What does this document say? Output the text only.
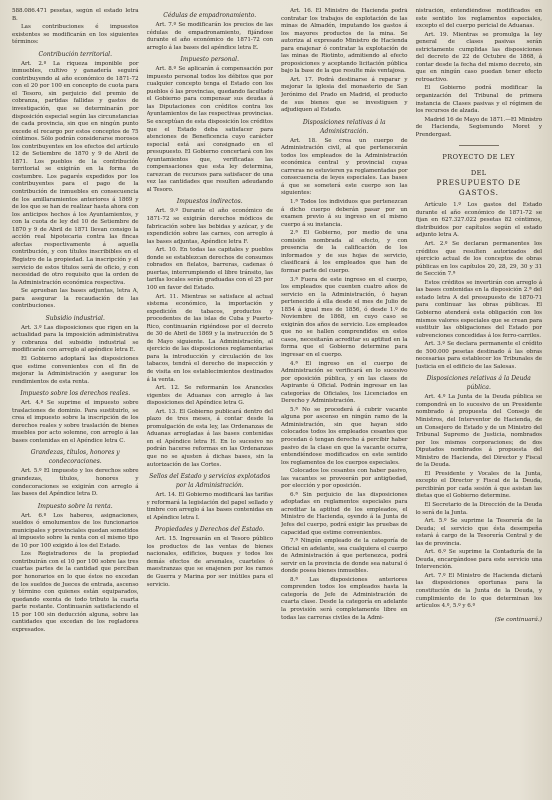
588.086.471 pesetas, según el estado letra B.

Las contribuciones é impuestos existentes se modificarán en los siguientes términos:

Contribución territorial.

Art. 2.º La riqueza imponible por inmuebles, cultivo y ganadería seguirá contribuyendo al año económico de 1871-72 con el 20 por 100 en concepto de cuota para el Tesoro, sin perjuicio del premio de cobranza, partidas fallidas y gastos de investigación, que se determinarán por disposición especial según las circunstancias de cada provincia, sin que en ningún punto excede el recargo por estos conceptos de 75 céntimos. Sólo podrán considerarse morosos los contribuyentes en los efectos del artículo 12 de Setiembre de 1870 y 9 de Abril de 1871. Los pueblos de la contribución territorial se exigirán en la forma de costumbre. Los pagarés expedidos por los contribuyentes para el pago de la contribución de inmuebles en consecuencia de los amillaramientos anteriores á 1869 y de los que se han de realizar hasta ahora con los anticipos hechos á los Ayuntamientos, y con la cuota de ley del 10 de Setiembre de 1870 y 9 de Abril de 1871 llevan consigo la acción real hipotecaria contra las fincas afectas respectivamente á aquella contribución, y con títulos inscribibles en el Registro de la propiedad. La inscripción y el servicio de estos títulos será de oficio, y con necesidad de otro requisito que la orden de la Administración económica respectiva.

Se aprueban las bases adjuntas, letra A, para asegurar la recaudación de las contribuciones.

Subsidio industrial.

Art. 3.º Las disposiciones que rigen en la actualidad para la imposición administrativa y cobranza del subsidio industrial se modificarán con arreglo al apéndice letra E.

El Gobierno adoptará las disposiciones que estime convenientes con el fin de mejorar la Administración y asegurar los rendimientos de esta renta.

Impuesto sobre los derechos reales.

Art. 4.º Se suprime el impuesto sobre traslaciones de dominio. Para sustituirlo, se crea el impuesto sobre la inscripción de los derechos reales y sobre traslación de bienes muebles por acto solemne, con arreglo á las bases contenidas en el Apéndice letra C.

Grandezas, títulos, honores y condecoraciones.

Art. 5.º El impuesto y los derechos sobre grandezas, títulos, honores y condecoraciones se exigirán con arreglo á las bases del Apéndice letra D.

Impuesto sobre la renta.

Art. 6.º Los haberes, asignaciones, sueldos ó emolumentos de los funcionarios municipales y provinciales quedan sometidos al impuesto sobre la renta con el mismo tipo de 10 por 100 exigido á los del Estado.

Los Registradores de la propiedad contribuirán con el 10 por 100 sobre las tres cuartas partes de la cantidad que perciban por honorarios en lo que éstos no excedan de los sueldos de Jueces de entrada, ascenso y término con quienes están equiparados, quedando exenta de todo tributo la cuarta parte restante. Continuarán satisfaciendo el 15 por 100 sin deducción alguna, sobre las cantidades que excedan de los regladores expresados.

Cédulas de empadronamiento.

Art. 7.º Se modificarán los precios de las cédulas de empadronamiento, fijándose durante el año económico de 1871-72 con arreglo á las bases del apéndice letra E.

Impuesto personal.

Art. 8.º Se aplicarán á compensación por impuesto personal todos los débitos que por cualquier concepto tenga el Estado con los pueblos ó las provincias, quedando facultado el Gobierno para compensar sus deudas á las Diputaciones con créditos contra los Ayuntamientos de las respectivas provincias. Se exceptúan de esta disposición los créditos que el Estado deba satisfacer para atenciones de Beneficencia cuyo carácter especial está así consignado en el presupuesto. El Gobierno concertará con los Ayuntamientos que, verificadas las compensaciones que esta ley determina, carezcan de recursos para satisfacer de una vez las cantidades que resulten adeudando al Tesoro.

Impuestos indirectos.

Art. 9.º Durante el año económico de 1871-72 se exigirán derechos módicos de fabricación sobre las bebidas y azúcar, y de expendición sobre las carnes, con arreglo á las bases adjuntas, Apéndice letra F.

Art. 10. En todas las capitales y pueblos donde se establezcan derechos de consumos cobrados en fielatos, barreras, cadenas ó puertas, interrumpiendo el libre tránsito, las tarifas locales serán graduadas con el 25 por 100 en favor del Estado.

Art. 11. Mientras se satisface al actual sistema económico, la importación y expedición de tabacos, productos y procedentes de las islas de Cuba y Puerto-Rico, continuarán rigiéndose por el decreto de 30 de Abril de 1869 y la instrucción de 5 de Mayo siguiente. La Administración, al ejercicio de las disposiciones reglamentarias para la introducción y circulación de los tabacos, tendrá el derecho de inspección y de visita en los establecimientos destinados á la venta.

Art. 12. Se reformarán los Aranceles vigentes de Aduanas con arreglo á las disposiciones del Apéndice letra G.

Art. 13. El Gobierno publicará dentro del plazo de tres meses, á contar desde la promulgación de esta ley, las Ordenanzas de Aduanas arregladas á las bases contenidas en el Apéndice letra H. En lo sucesivo no podrán hacerse reformas en las Ordenanzas que no se ajusten á dichas bases, sin la autorización de las Cortes.

Sellos del Estado y servicios explotados por la Administración.

Art. 14. El Gobierno modificará las tarifas y reformará la legislación del papel sellado y timbre con arreglo á las bases contenidas en el Apéndice letra I.

Propiedades y Derechos del Estado.

Art. 15. Ingresarán en el Tesoro público los productos de las ventas de bienes nacionales, edificios, buques y todos los demás efectos de arsenales, cuarteles ó maestranzas que se enajenen por los ramos de Guerra y Marina por ser inútiles para el servicio.

Art. 16. El Ministro de Hacienda podrá contratar los trabajos de explotación de las minas de Almadén, imputando los gastos á los mayores productos de la mina. Se autoriza al expresado Ministro de Hacienda para enajenar ó contratar la explotación de las minas de Riotinto, admitiendo al efecto proposiciones y aceptando licitación pública bajo la base de la que resulte más ventajosa.

Art. 17. Podrá destinarse á reparar y mejorar la iglesia del monasterio de San Jerónimo del Prado en Madrid, el producto de sus bienes que se investiguen y adjudiquen al Estado.

Disposiciones relativas á la Administración.

Art. 18. Se crea un cuerpo de Administración civil, al que pertenecerán todos los empleados de la Administración económica central y provincial cuyas carreras no estuvieren ya reglamentadas por consecuencia de leyes especiales. Las bases á que se someterá este cuerpo son las siguientes:

1.ª Todos los individuos que pertenezcan á dicho cuerpo deberán pasar por un examen previo á su ingreso en el mismo cuerpo á su instancia.

2.ª El Gobierno, por medio de una comisión nombrada al efecto, y con presencia de la calificación de los informados y de sus hojas de servicio, clasificará á los empleados que han de formar parte del cuerpo.

3.ª Fuera de este ingreso en el cuerpo, los empleados que cuenten cuatro años de servicio en la Administración, ó hayan pertenecido á ella desde el mes de Julio de 1854 á igual mes de 1856, ó desde 1.º de Noviembre de 1868, en cuyo caso se exigirán dos años de servicio. Los empleados que no se hallen comprendidos en estos casos, necesitarán acreditar su aptitud en la forma que el Gobierno determine para ingresar en el cuerpo.

4.ª El ingreso en el cuerpo de Administración se verificará en lo sucesivo por oposición pública, y en las clases de Aspirante ú Oficial. Podrán ingresar en las categorías de Oficiales, los Licenciados en Derecho y Administración.

5.ª No se procederá á cubrir vacante alguna por ascenso en ningún ramo de la Administración, sin que hayan sido colocados todos los empleados cesantes que procedan ó tengan derecho á percibir haber pasivo de la clase en que la vacante ocurra, entendiéndose modificados en este sentido los reglamentos de los cuerpos especiales.

Colocados los cesantes con haber pasivo, las vacantes se proveerán por antigüedad, por elección y por oposición.

6.ª Sin perjuicio de las disposiciones adoptadas en reglamentos especiales para acreditar la aptitud de los empleados, el Ministro de Hacienda, oyendo á la Junta de Jefes del cuerpo, podrá exigir las pruebas de capacidad que estime convenientes.

7.ª Ningún empleado de la categoría de Oficial en adelante, sea cualquiera el cuerpo de Administración á que pertenezca, podrá servir en la provincia de donde sea natural ó donde posea bienes inmuebles.

8.ª Las disposiciones anteriores comprenden todos los empleados hasta la categoría de Jefe de Administración de cuarta clase. Desde la categoría en adelante la provisión será completamente libre en todas las carreras civiles de la Admi-

nistración, entendiéndose modificados en este sentido los reglamentos especiales, excepto el del cuerpo pericial de Aduanas.

Art. 19. Mientras se promulga la ley general de clases pasivas serán estrictamente cumplidas las disposiciones del decreto de 22 de Octubre de 1868, á contar desde la fecha del mismo decreto, sin que en ningún caso puedan tener efecto retroactivo.

El Gobierno podrá modificar la organización del Tribunal de primera instancia de Clases pasivas y el régimen de los recursos de alzada.

Madrid 16 de Mayo de 1871.—El Ministro de Hacienda, Segismundo Moret y Prendergast.

PROYECTO DE LEY
DEL
PRESUPUESTO DE GASTOS.

Artículo 1.º Los gastos del Estado durante el año económico de 1871-72 se fijan en 627.327.022 pesetas 82 céntimos, distribuidos por capítulos según el estado adjunto letra A.

Art. 2.º Se declaran permanentes los créditos que resulten autorizados del ejercicio actual de los conceptos de obras públicas en los capítulos 20, 28, 29, 30 y 31 de Sección 7.ª

Estos créditos se invertirán con arreglo á las bases contenidas en la disposición 2.ª del estado letra A del presupuesto de 1870-71 para continuar las obras públicas. El Gobierno atenderá esta obligación con los mismos valores especiales que se crean para sustituir las obligaciones del Estado por subvenciones concedidas á los ferro-carriles.

Art. 3.º Se declara permanente el crédito de 500.000 pesetas destinado á las obras necesarias para establecer los Tribunales de Justicia en el edificio de las Salesas.

Disposiciones relativas á la Deuda pública.

Art. 4.º La Junta de la Deuda pública se compondrá en lo sucesivo de un Presidente nombrado á propuesta del Consejo de Ministros, del Interventor de Hacienda, de un Consejero de Estado y de un Ministro del Tribunal Supremo de Justicia, nombrados por los mismos corporaciones; de dos Diputados nombrados á propuesta del Ministro de Hacienda, del Director y Fiscal de la Deuda.

El Presidente y Vocales de la Junta, excepto el Director y Fiscal de la Deuda, percibirán por cada sesión á que asistan las dietas que el Gobierno determine.

El Secretario de la Dirección de la Deuda lo será de la Junta.

Art. 5.º Se suprime la Tesorería de la Deuda; el servicio que ésta desempeña estará á cargo de la Tesorería Central y de las de provincia.

Art. 6.º Se suprime la Contaduría de la Deuda, encargándose para este servicio una Intervención.

Art. 7.º El Ministro de Hacienda dictará las disposiciones oportunas para la constitución de la Junta de la Deuda, y cumplimiento de lo que determinan los artículos 4.º, 5.º y 6.º

(Se continuará.)
